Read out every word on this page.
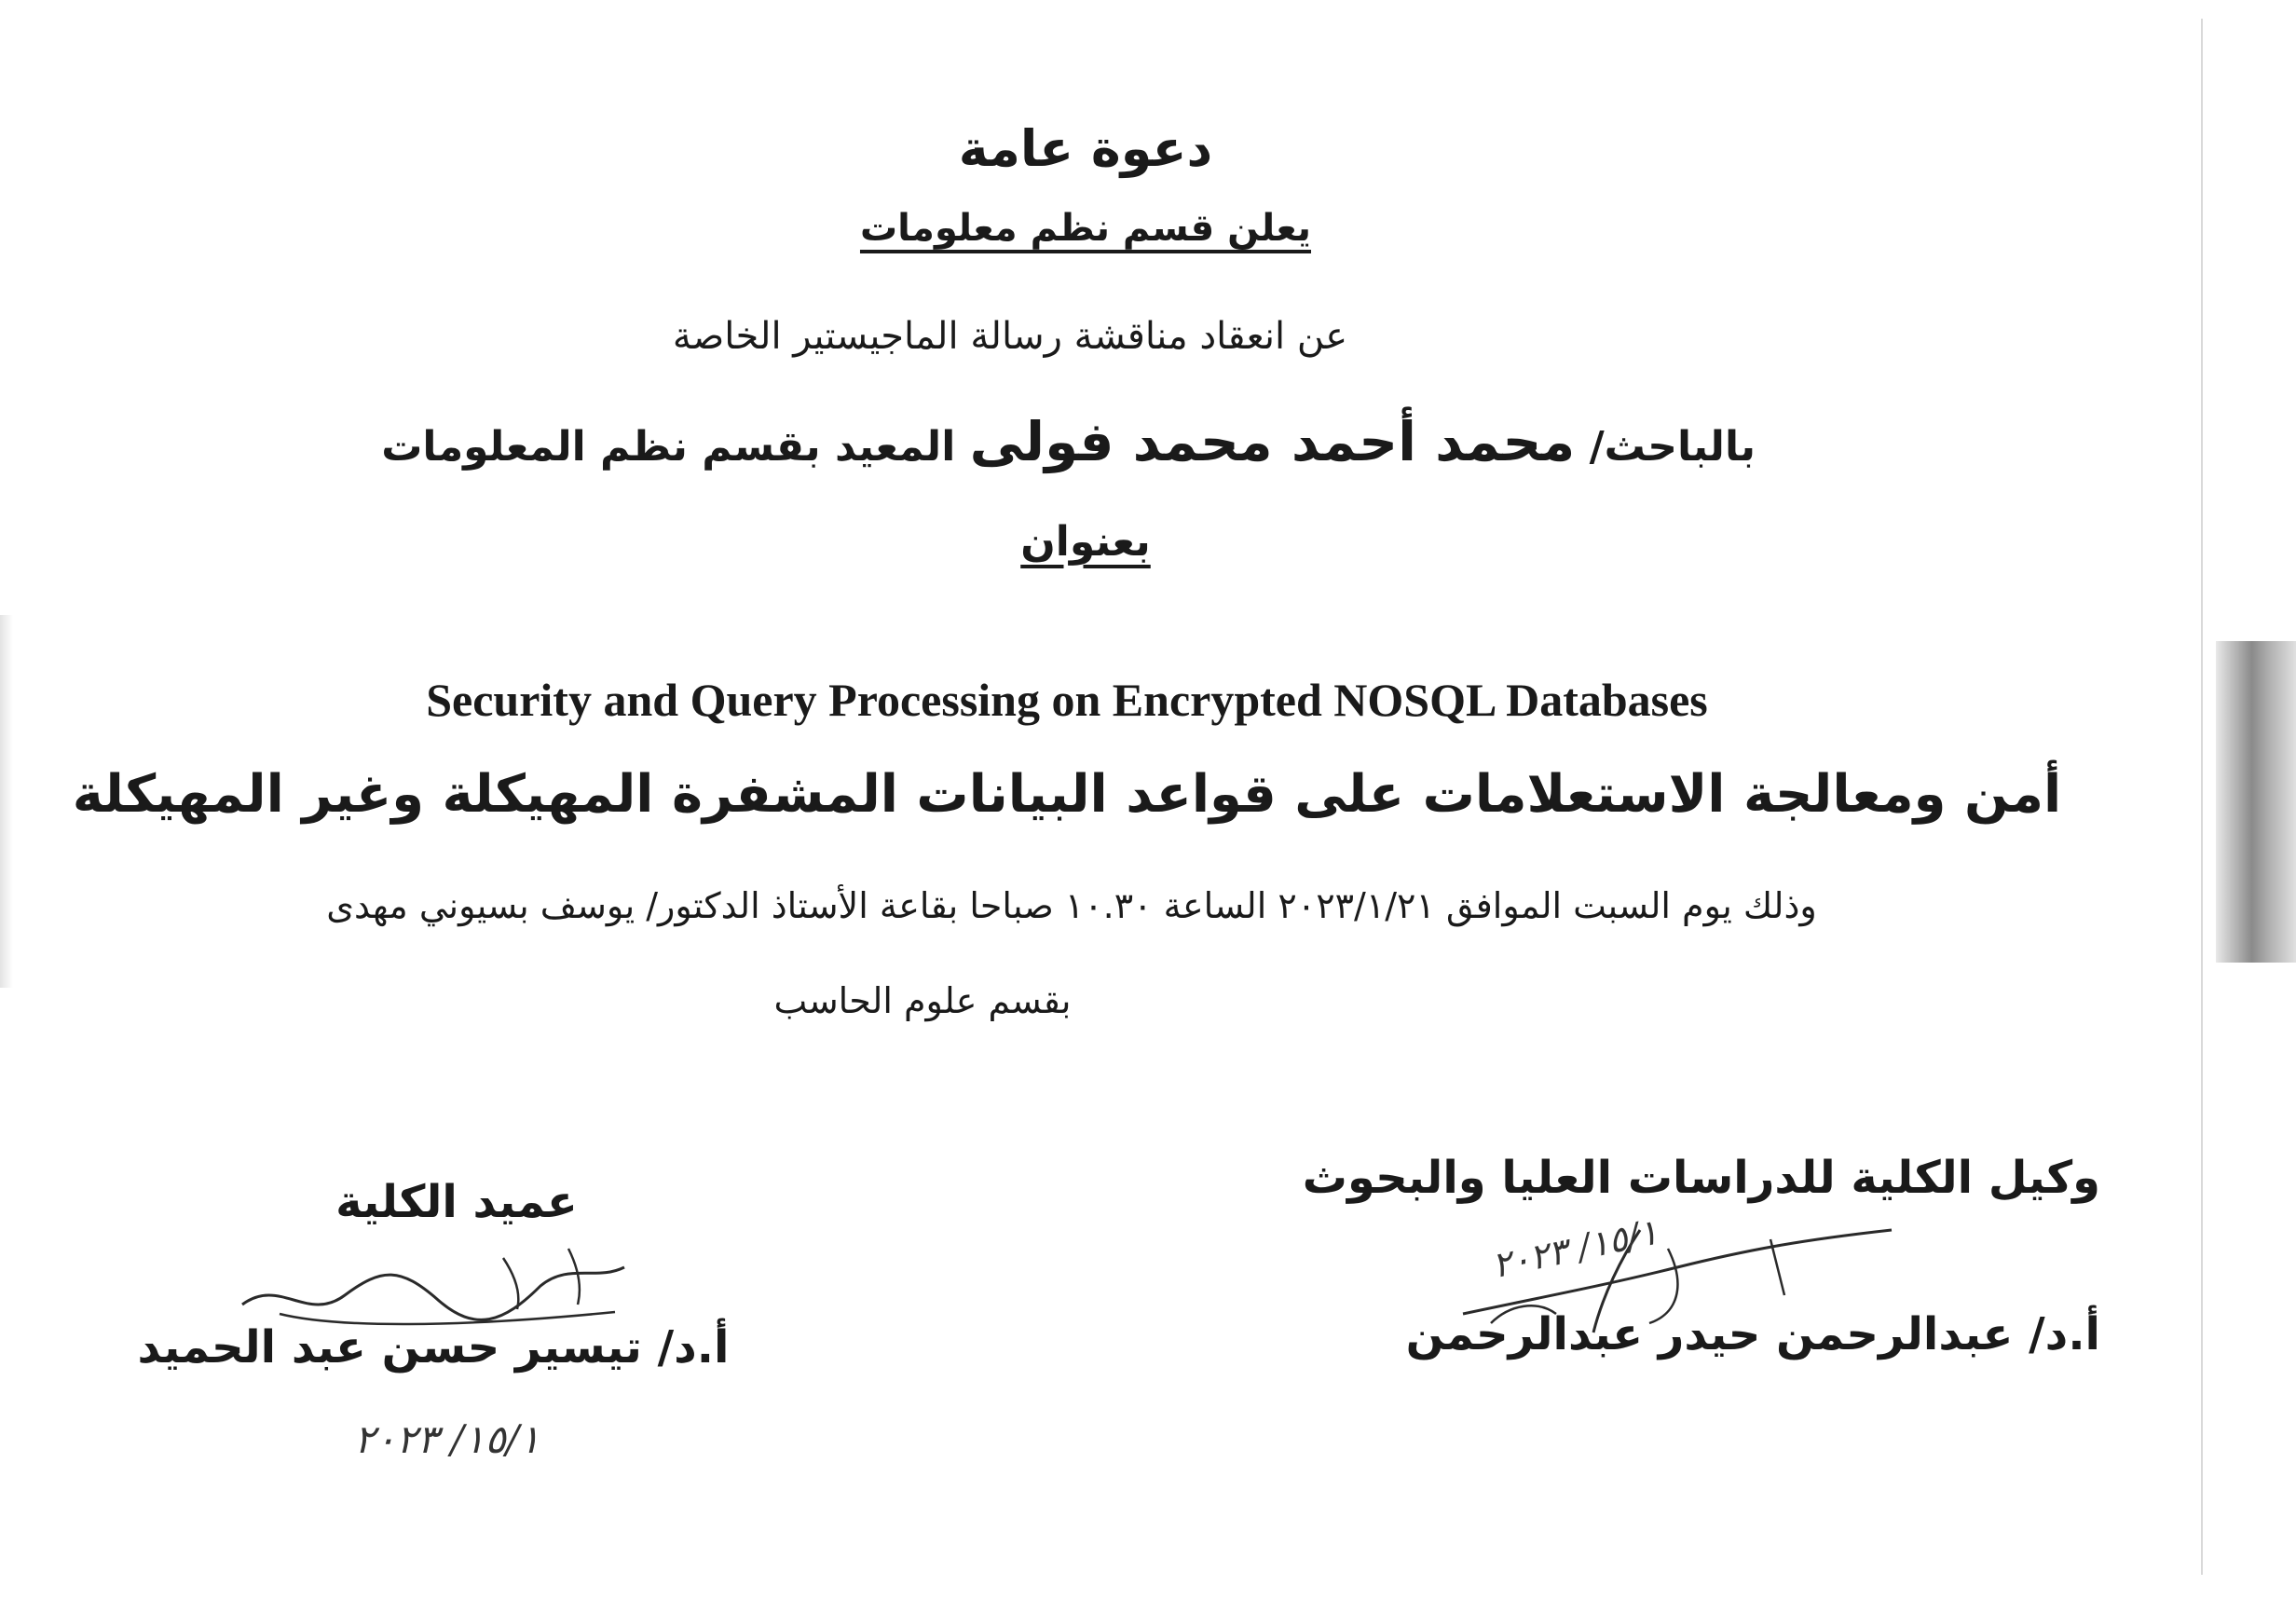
دعوة عامة
يعلن قسم نظم معلومات
عن انعقاد مناقشة رسالة الماجيستير الخاصة
بالباحث/ محمد أحمد محمد فولى المعيد بقسم نظم المعلومات
بعنوان
Security and Query Processing on Encrypted NOSQL Databases
أمن ومعالجة الاستعلامات على قواعد البيانات المشفرة المهيكلة وغير المهيكلة
وذلك يوم السبت الموافق ٢٠٢٣/١/٢١ الساعة ١٠.٣٠ صباحا بقاعة الأستاذ الدكتور/ يوسف بسيوني مهدى
بقسم علوم الحاسب
عميد الكلية	وكيل الكلية للدراسات العليا والبحوث
أ.د/ تيسير حسن عبد الحميد	أ.د/ عبدالرحمن حيدر عبدالرحمن
١٥/١/ ٢٠٢٣
١٥/١/ ٢٠٢٣
